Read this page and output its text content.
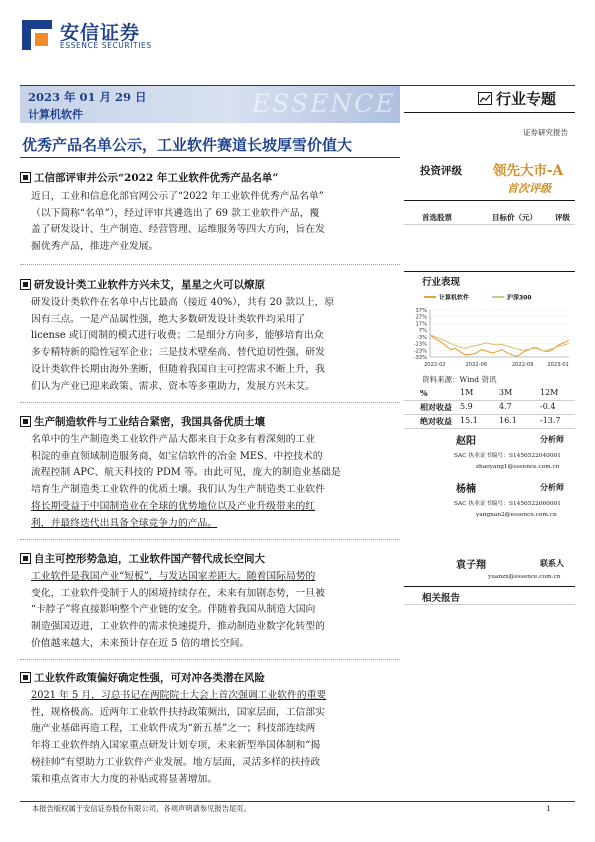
安信证券
ESSENCE SECURITIES
ESSENCE
2023 年 01 月 29 日
计算机软件
行业专题
证券研究报告
优秀产品名单公示，工业软件赛道长坡厚雪价值大
投资评级 领先大市-A
首次评级
首选股票	目标价（元） 评级
工信部评审并公示“2022 年工业软件优秀产品名单”
近日，工业和信息化部官网公示了“2022 年工业软件优秀产品名单”
（以下简称“名单”），经过评审共遴选出了 69 款工业软件产品，覆
盖了研发设计、生产制造、经营管理、运维服务等四大方向，旨在发
掘优秀产品，推进产业发展。
研发设计类工业软件方兴未艾，星星之火可以燎原
研发设计类软件在名单中占比最高（接近 40%），共有 20 款以上，原
因有三点。一是产品属性强，绝大多数研发设计类软件均采用了
license 或订阅制的模式进行收费；二是细分方向多，能够培育出众
多专精特新的隐性冠军企业；三是技术壁垒高、替代迫切性强，研发
设计类软件长期由海外垄断，但随着我国自主可控需求不断上升，我
们认为产业已迎来政策、需求、资本等多重助力，发展方兴未艾。
生产制造软件与工业结合紧密，我国具备优质土壤
名单中的生产制造类工业软件产品大都来自于众多有着深刻的工业
积淀的垂直领域制造服务商，如宝信软件的冶金 MES、中控技术的
流程控制 APC、航天科技的 PDM 等。由此可见，庞大的制造业基础是
培育生产制造类工业软件的优质土壤。我们认为生产制造类工业软件
将长期受益于中国制造业在全球的优势地位以及产业升级带来的红
利，并最终迭代出具备全球竞争力的产品。
自主可控形势急迫，工业软件国产替代成长空间大
工业软件是我国产业“短板”，与发达国家差距大。随着国际局势的
变化，工业软件受制于人的困境持续存在，未来有加剧态势，一旦被
“卡脖子”将直接影响整个产业链的安全。伴随着我国从制造大国向
制造强国迈进，工业软件的需求快速提升，推动制造业数字化转型的
价值越来越大，未来预计存在近 5 倍的增长空间。
工业软件政策偏好确定性强，可对冲各类潜在风险
2021 年 5 月，习总书记在两院院士大会上首次强调工业软件的重要
性，规格极高。近两年工业软件扶持政策频出，国家层面，工信部实
施产业基础再造工程，工业软件成为“新五基”之一；科技部连续两
年将工业软件纳入国家重点研发计划专项，未来新型举国体制和“揭
榜挂帅”有望助力工业软件产业发展。地方层面，灵活多样的扶持政
策和重点省市大力度的补贴或将显著增加。
行业表现
计算机软件	沪深300
37%
27%
17%
7%
-3%
-13%
-23%
-33%
2022-02	2022-06	2022-09	2023-01
资料来源：Wind 资讯
%	1M	3M	12M
相对收益 5.9	4.7	-0.4
绝对收益 15.1	16.1	-13.7
赵阳	分析师
SAC 执业证书编号：S1450522040001
zhaoyang1@essence.com.cn
杨楠	分析师
SAC 执业证书编号：S1450522060001
yangnan2@essence.com.cn
袁子翔	联系人
yuanzx@essence.com.cn
相关报告
本报告版权属于安信证券股份有限公司，各项声明请参见报告尾页。	1
